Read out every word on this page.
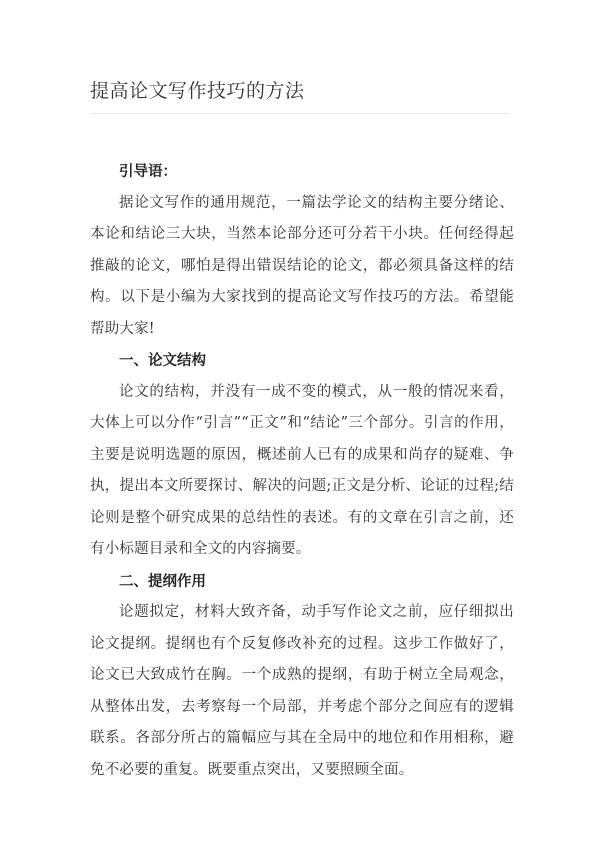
提高论文写作技巧的方法

引导语：

据论文写作的通用规范，一篇法学论文的结构主要分绪论、本论和结论三大块，当然本论部分还可分若干小块。任何经得起推敲的论文，哪怕是得出错误结论的论文，都必须具备这样的结构。以下是小编为大家找到的提高论文写作技巧的方法。希望能帮助大家!

一、论文结构

论文的结构，并没有一成不变的模式，从一般的情况来看，大体上可以分作“引言”“正文”和“结论”三个部分。引言的作用，主要是说明选题的原因，概述前人已有的成果和尚存的疑难、争执，提出本文所要探讨、解决的问题;正文是分析、论证的过程;结论则是整个研究成果的总结性的表述。有的文章在引言之前，还有小标题目录和全文的内容摘要。

二、提纲作用

论题拟定，材料大致齐备，动手写作论文之前，应仔细拟出论文提纲。提纲也有个反复修改补充的过程。这步工作做好了，论文已大致成竹在胸。一个成熟的提纲，有助于树立全局观念，从整体出发，去考察每一个局部，并考虑个部分之间应有的逻辑联系。各部分所占的篇幅应与其在全局中的地位和作用相称，避免不必要的重复。既要重点突出，又要照顾全面。
